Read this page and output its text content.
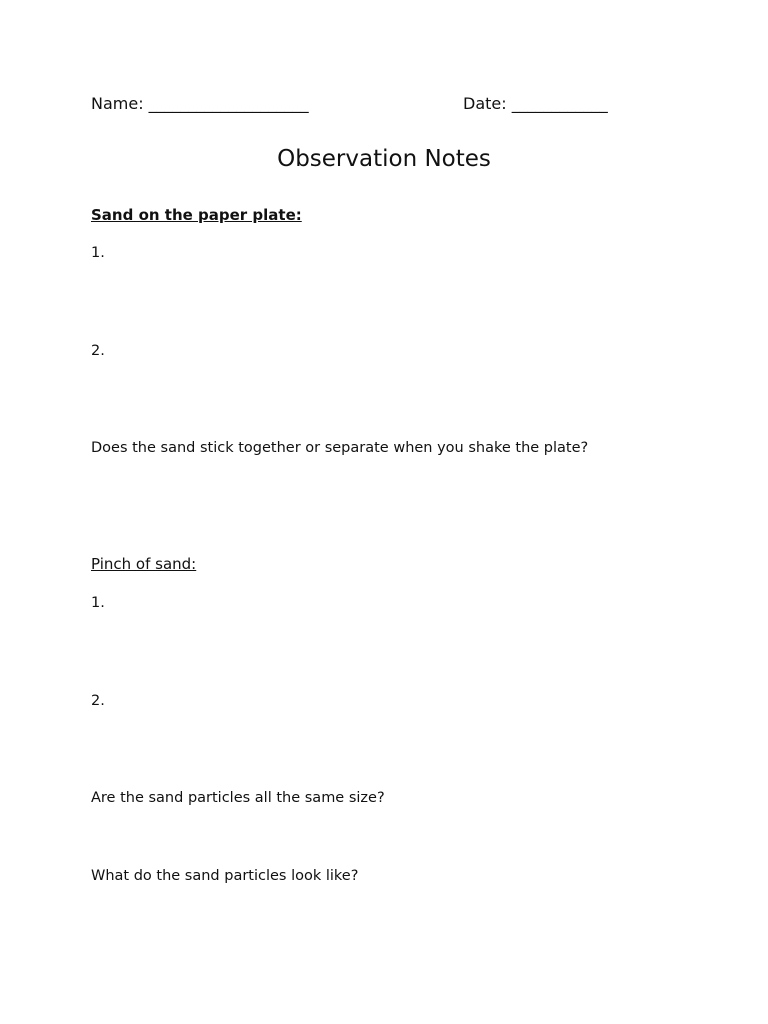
Name: ____________________	Date: ____________
Observation Notes
Sand on the paper plate:
1.
2.
Does the sand stick together or separate when you shake the plate?
Pinch of sand:
1.
2.
Are the sand particles all the same size?
What do the sand particles look like?
